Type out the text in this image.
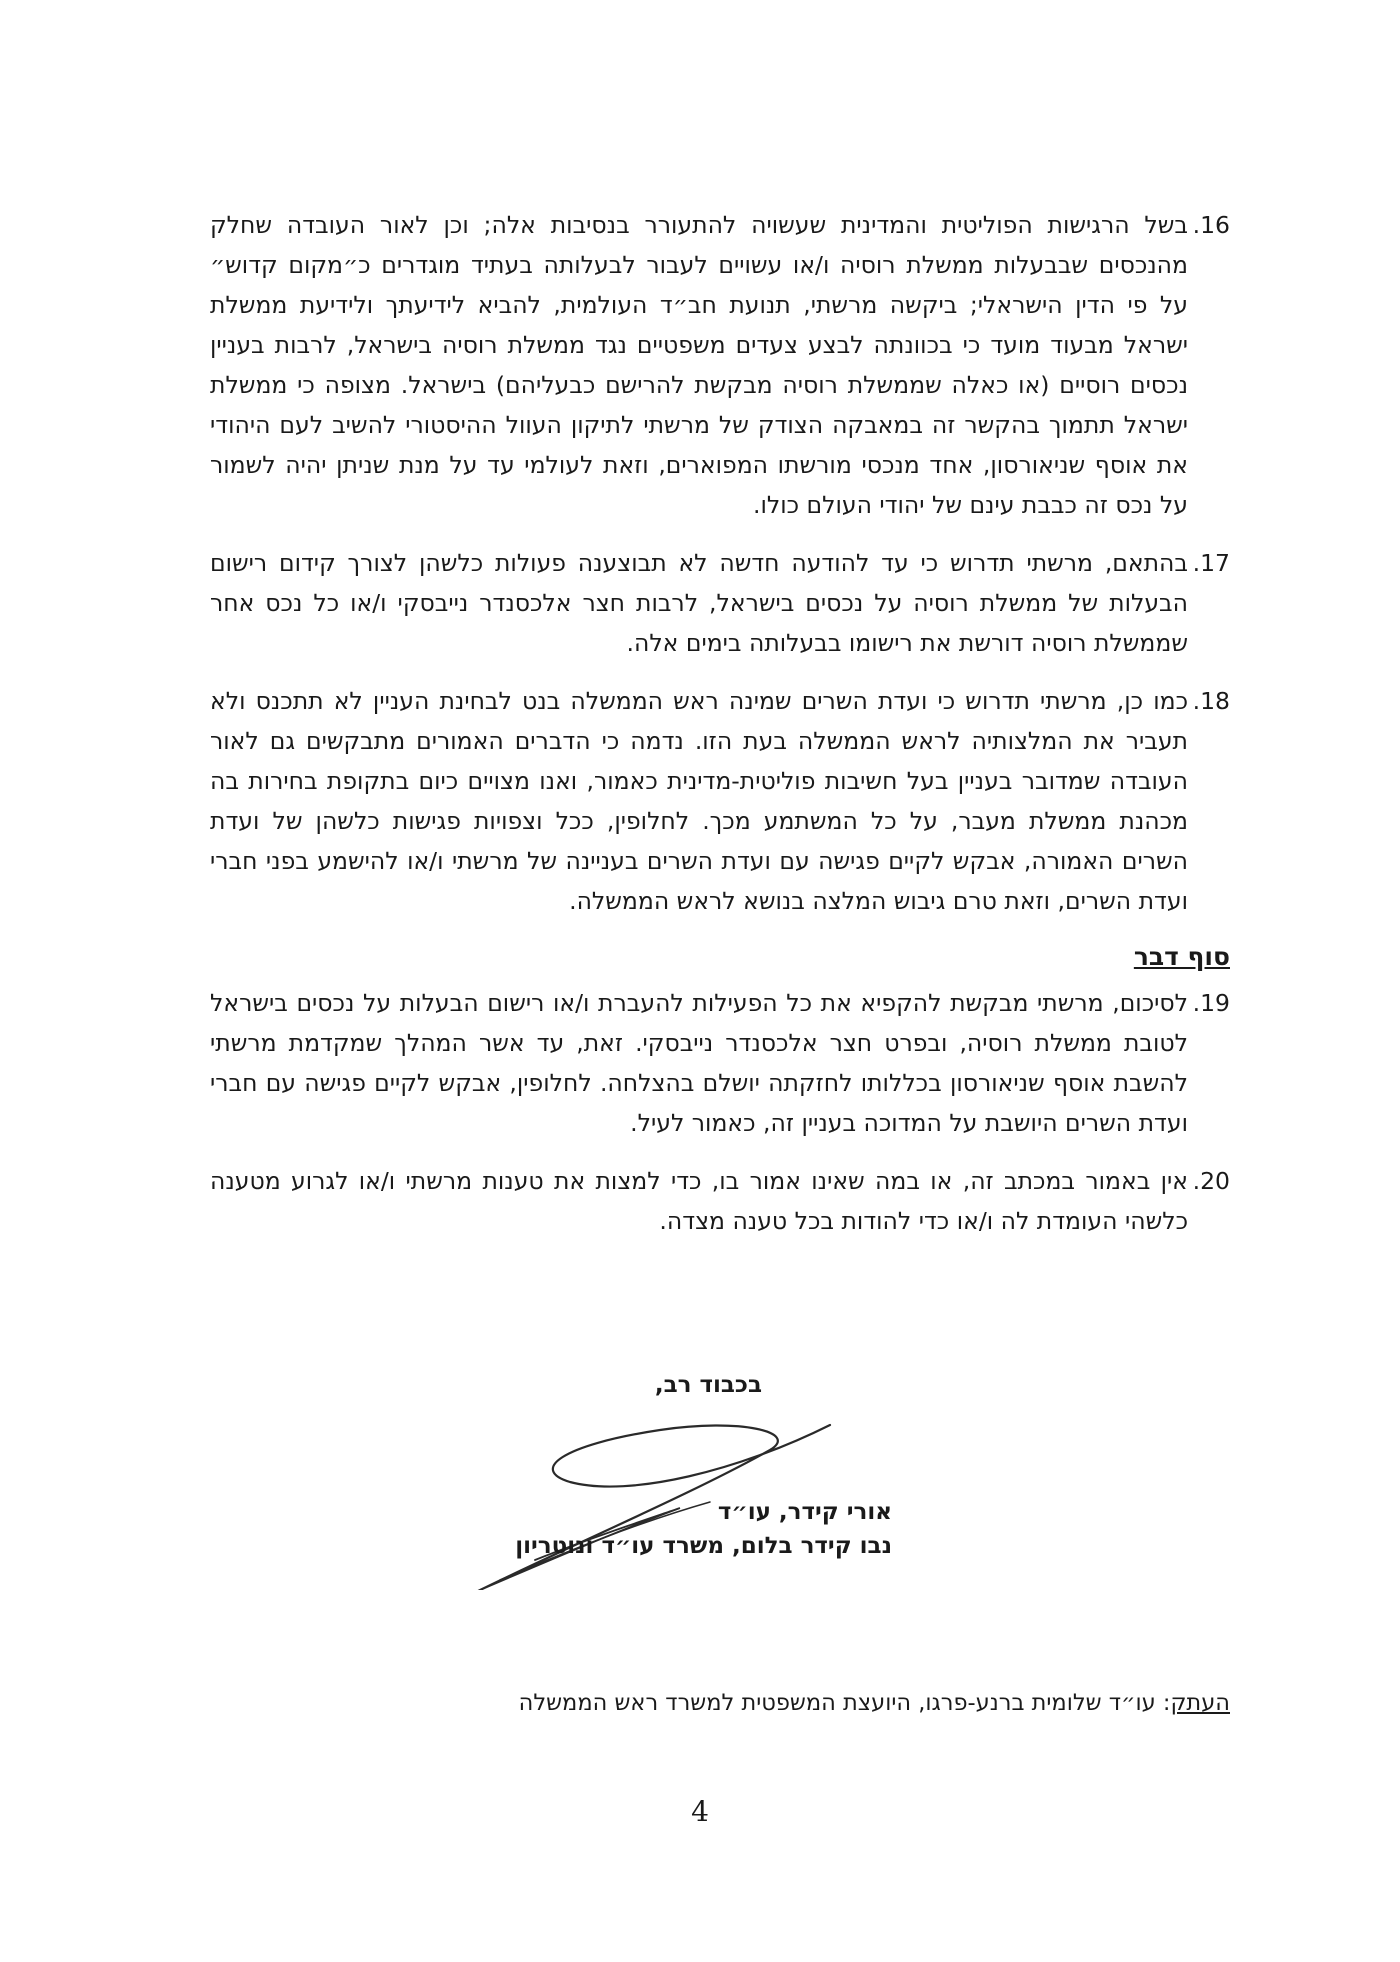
16.
בשל הרגישות הפוליטית והמדינית שעשויה להתעורר בנסיבות אלה; וכן לאור העובדה שחלק מהנכסים שבבעלות ממשלת רוסיה ו/או עשויים לעבור לבעלותה בעתיד מוגדרים כ״מקום קדוש״ על פי הדין הישראלי; ביקשה מרשתי, תנועת חב״ד העולמית, להביא לידיעתך ולידיעת ממשלת ישראל מבעוד מועד כי בכוונתה לבצע צעדים משפטיים נגד ממשלת רוסיה בישראל, לרבות בעניין נכסים רוסיים (או כאלה שממשלת רוסיה מבקשת להרישם כבעליהם) בישראל. מצופה כי ממשלת ישראל תתמוך בהקשר זה במאבקה הצודק של מרשתי לתיקון העוול ההיסטורי להשיב לעם היהודי את אוסף שניאורסון, אחד מנכסי מורשתו המפוארים, וזאת לעולמי עד על מנת שניתן יהיה לשמור על נכס זה כבבת עינם של יהודי העולם כולו.
17.
בהתאם, מרשתי תדרוש כי עד להודעה חדשה לא תבוצענה פעולות כלשהן לצורך קידום רישום הבעלות של ממשלת רוסיה על נכסים בישראל, לרבות חצר אלכסנדר נייבסקי ו/או כל נכס אחר שממשלת רוסיה דורשת את רישומו בבעלותה בימים אלה.
18.
כמו כן, מרשתי תדרוש כי ועדת השרים שמינה ראש הממשלה בנט לבחינת העניין לא תתכנס ולא תעביר את המלצותיה לראש הממשלה בעת הזו. נדמה כי הדברים האמורים מתבקשים גם לאור העובדה שמדובר בעניין בעל חשיבות פוליטית-מדינית כאמור, ואנו מצויים כיום בתקופת בחירות בה מכהנת ממשלת מעבר, על כל המשתמע מכך. לחלופין, ככל וצפויות פגישות כלשהן של ועדת השרים האמורה, אבקש לקיים פגישה עם ועדת השרים בעניינה של מרשתי ו/או להישמע בפני חברי ועדת השרים, וזאת טרם גיבוש המלצה בנושא לראש הממשלה.
סוף דבר
19.
לסיכום, מרשתי מבקשת להקפיא את כל הפעילות להעברת ו/או רישום הבעלות על נכסים בישראל לטובת ממשלת רוסיה, ובפרט חצר אלכסנדר נייבסקי. זאת, עד אשר המהלך שמקדמת מרשתי להשבת אוסף שניאורסון בכללותו לחזקתה יושלם בהצלחה. לחלופין, אבקש לקיים פגישה עם חברי ועדת השרים היושבת על המדוכה בעניין זה, כאמור לעיל.
20.
אין באמור במכתב זה, או במה שאינו אמור בו, כדי למצות את טענות מרשתי ו/או לגרוע מטענה כלשהי העומדת לה ו/או כדי להודות בכל טענה מצדה.
בכבוד רב,
אורי קידר, עו״ד
נבו קידר בלום, משרד עו״ד ונוטריון
העתק: עו״ד שלומית ברנע-פרגו, היועצת המשפטית למשרד ראש הממשלה
4
